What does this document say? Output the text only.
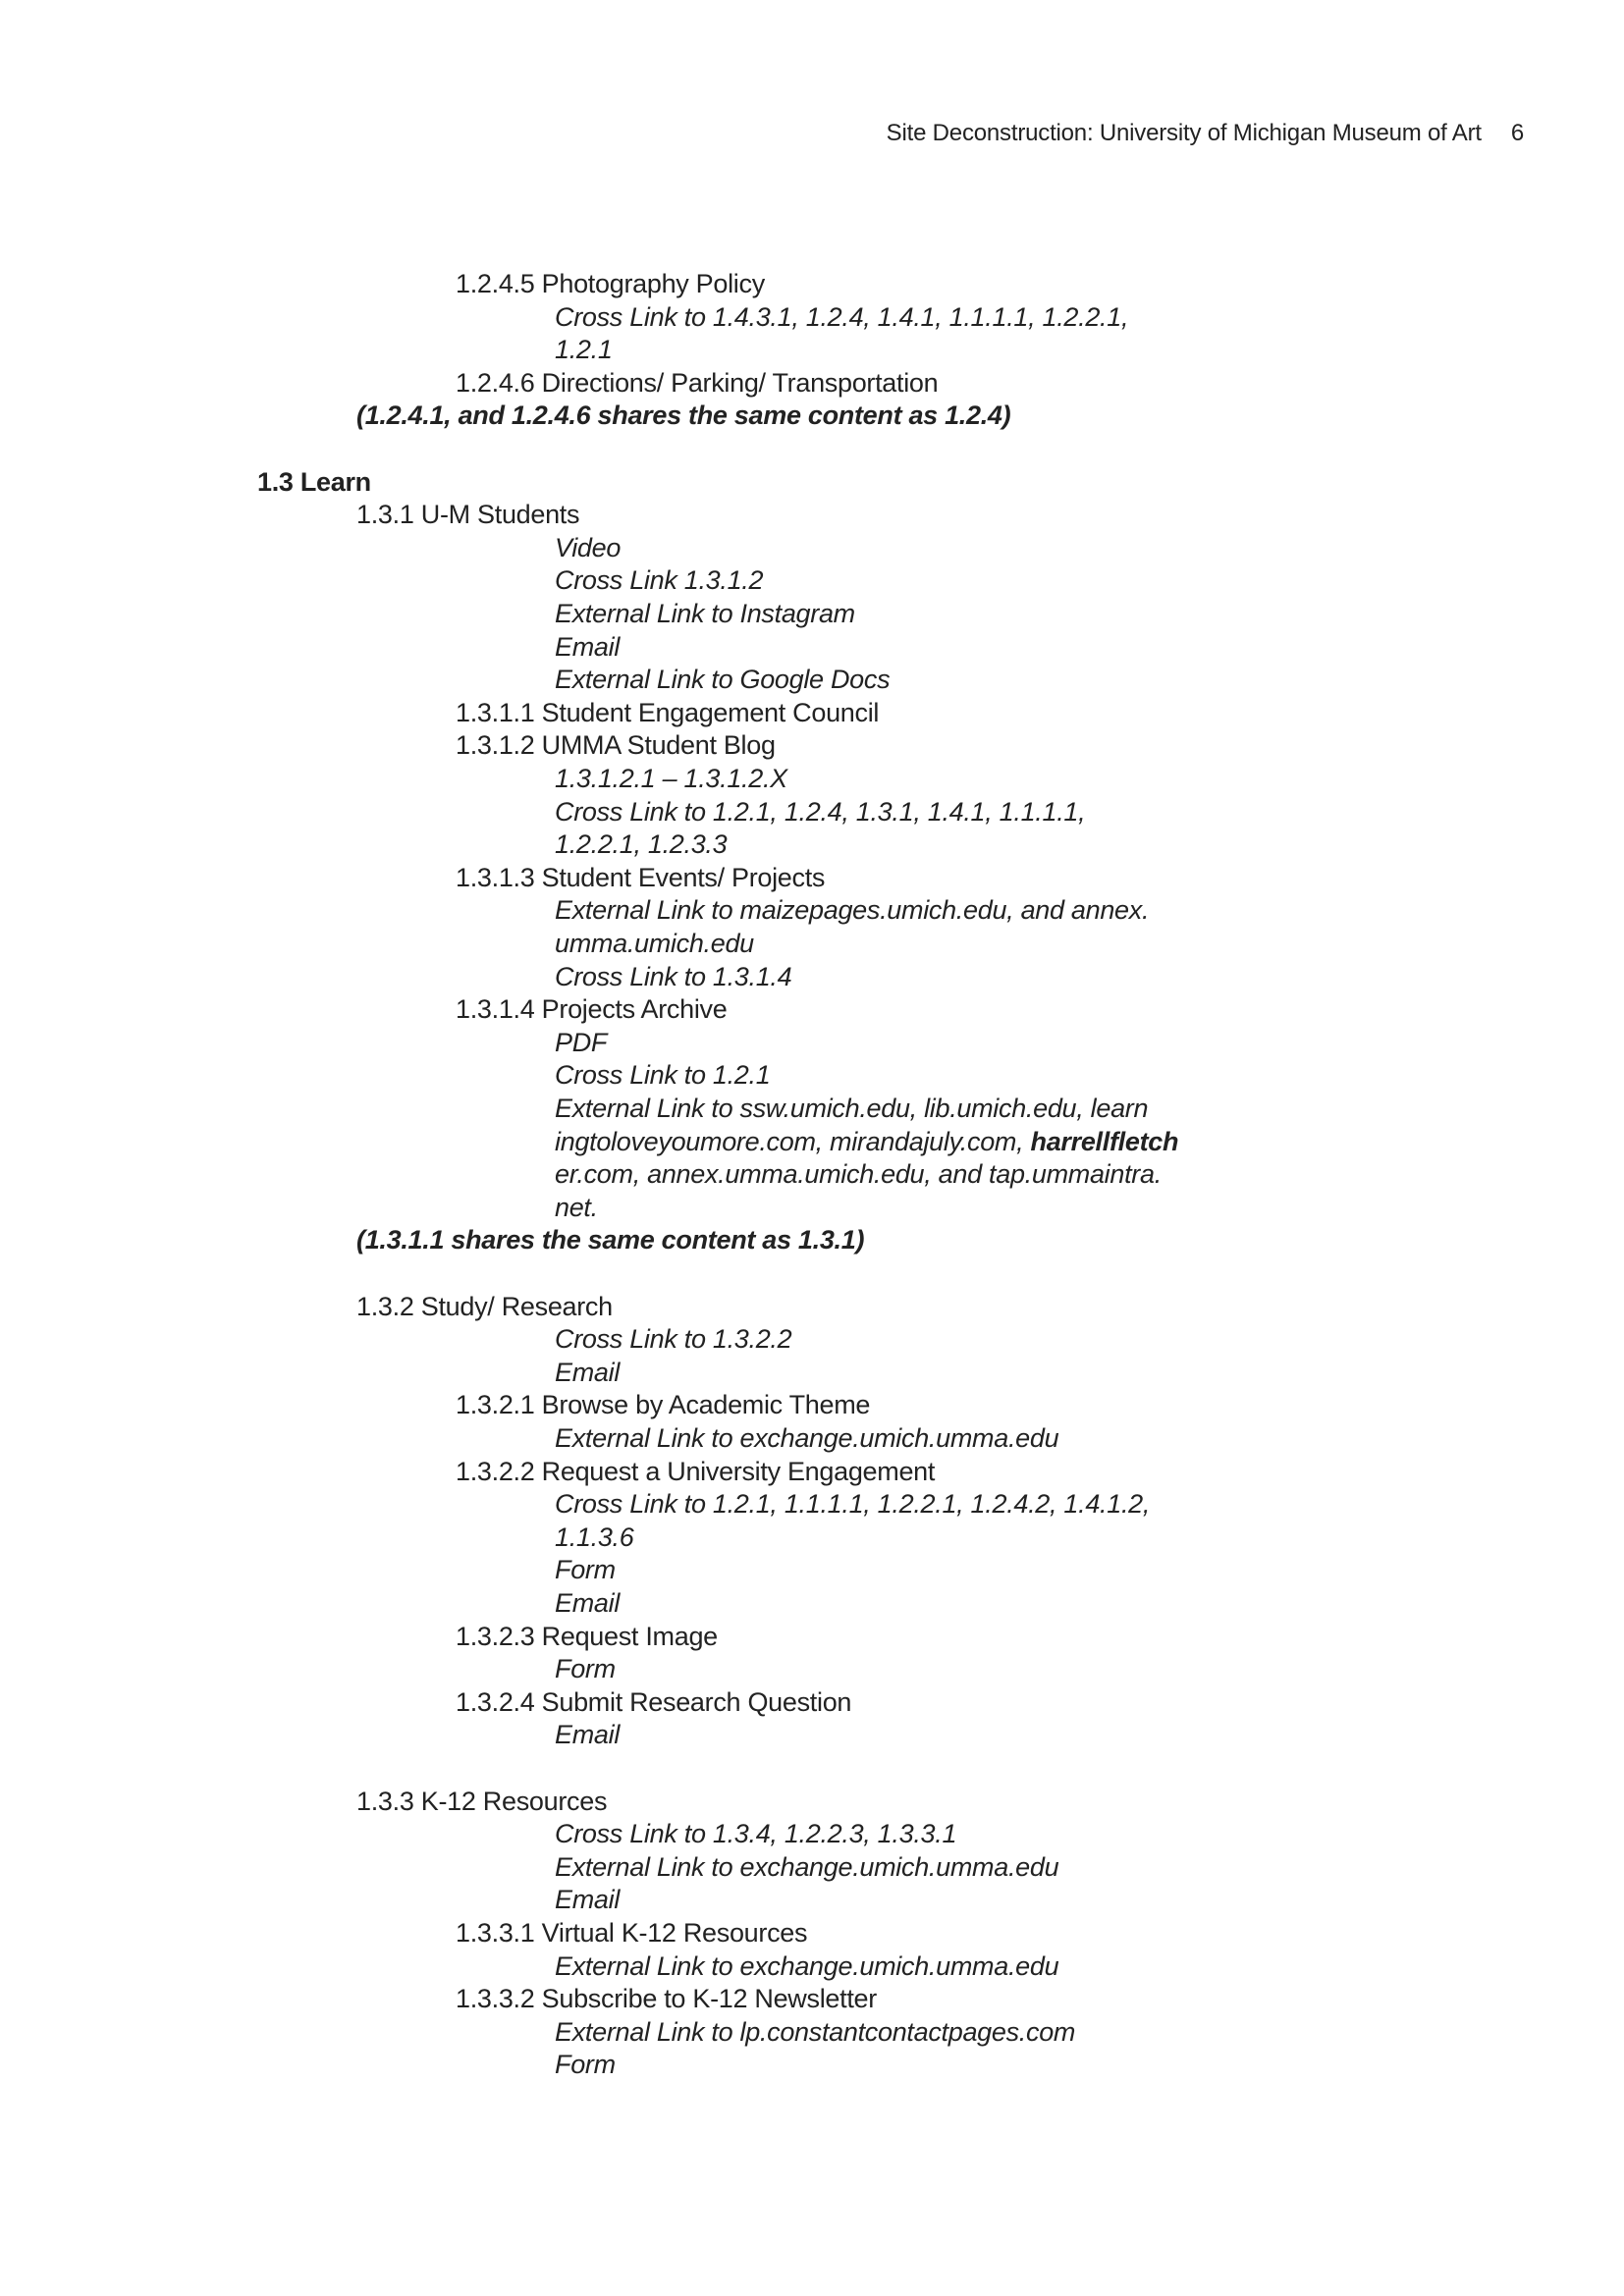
Site Deconstruction: University of Michigan Museum of Art 6
1.2.4.5 Photography Policy
Cross Link to 1.4.3.1, 1.2.4, 1.4.1, 1.1.1.1, 1.2.2.1,
1.2.1
1.2.4.6 Directions/ Parking/ Transportation
(1.2.4.1, and 1.2.4.6 shares the same content as 1.2.4)
1.3 Learn
1.3.1 U-M Students
Video
Cross Link 1.3.1.2
External Link to Instagram
Email
External Link to Google Docs
1.3.1.1 Student Engagement Council
1.3.1.2 UMMA Student Blog
1.3.1.2.1 – 1.3.1.2.X
Cross Link to 1.2.1, 1.2.4, 1.3.1, 1.4.1, 1.1.1.1,
1.2.2.1, 1.2.3.3
1.3.1.3 Student Events/ Projects
External Link to maizepages.umich.edu, and annex.
umma.umich.edu
Cross Link to 1.3.1.4
1.3.1.4 Projects Archive
PDF
Cross Link to 1.2.1
External Link to ssw.umich.edu, lib.umich.edu, learn
ingtoloveyoumore.com, mirandajuly.com, harrellfletch
er.com, annex.umma.umich.edu, and tap.ummaintra.
net.
(1.3.1.1 shares the same content as 1.3.1)
1.3.2 Study/ Research
Cross Link to 1.3.2.2
Email
1.3.2.1 Browse by Academic Theme
External Link to exchange.umich.umma.edu
1.3.2.2 Request a University Engagement
Cross Link to 1.2.1, 1.1.1.1, 1.2.2.1, 1.2.4.2, 1.4.1.2,
1.1.3.6
Form
Email
1.3.2.3 Request Image
Form
1.3.2.4 Submit Research Question
Email
1.3.3 K-12 Resources
Cross Link to 1.3.4, 1.2.2.3, 1.3.3.1
External Link to exchange.umich.umma.edu
Email
1.3.3.1 Virtual K-12 Resources
External Link to exchange.umich.umma.edu
1.3.3.2 Subscribe to K-12 Newsletter
External Link to lp.constantcontactpages.com
Form
